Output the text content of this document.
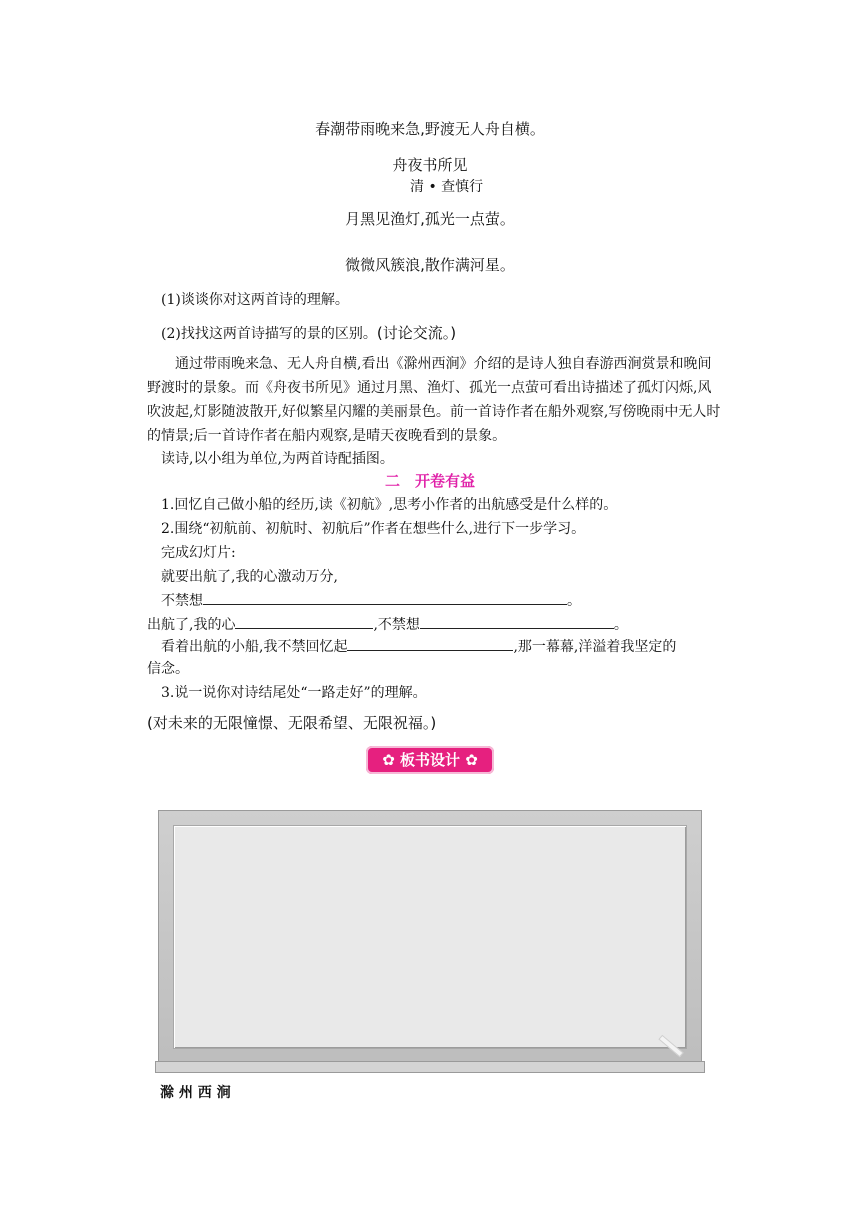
春潮带雨晚来急,野渡无人舟自横。
舟夜书所见
清 • 查慎行
月黑见渔灯,孤光一点萤。
微微风簇浪,散作满河星。
(1)谈谈你对这两首诗的理解。
(2)找找这两首诗描写的景的区别。(讨论交流。)
通过带雨晚来急、无人舟自横,看出《滁州西涧》介绍的是诗人独自春游西涧赏景和晚间野渡时的景象。而《舟夜书所见》通过月黑、渔灯、孤光一点萤可看出诗描述了孤灯闪烁,风吹波起,灯影随波散开,好似繁星闪耀的美丽景色。前一首诗作者在船外观察,写傍晚雨中无人时的情景;后一首诗作者在船内观察,是晴天夜晚看到的景象。
读诗,以小组为单位,为两首诗配插图。
二　开卷有益
1.回忆自己做小船的经历,读《初航》,思考小作者的出航感受是什么样的。
2.围绕“初航前、初航时、初航后”作者在想些什么,进行下一步学习。
完成幻灯片:
就要出航了,我的心激动万分,
不禁想	。
出航了,我的心	,不禁想	。
看着出航的小船,我不禁回忆起	,那一幕幕,洋溢着我坚定的
信念。
3.说一说你对诗结尾处“一路走好”的理解。
(对未来的无限憧憬、无限希望、无限祝福。)
✿ 板书设计 ✿
滁 州 西 涧
